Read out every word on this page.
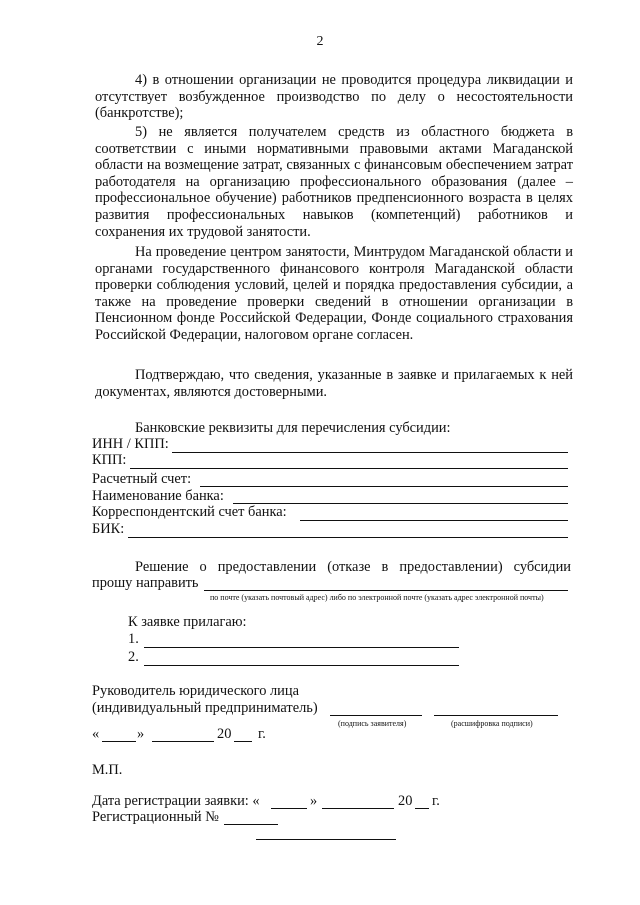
2
4) в отношении организации не проводится процедура ликвидации и отсутствует возбужденное производство по делу о несостоятельности (банкротстве);
5) не является получателем средств из областного бюджета в соответствии с иными нормативными правовыми актами Магаданской области на возмещение затрат, связанных с финансовым обеспечением затрат работодателя на организацию профессионального образования (далее – профессиональное обучение) работников предпенсионного возраста в целях развития профессиональных навыков (компетенций) работников и сохранения их трудовой занятости.
На проведение центром занятости, Минтрудом Магаданской области и органами государственного финансового контроля Магаданской области проверки соблюдения условий, целей и порядка предоставления субсидии, а также на проведение проверки сведений в отношении организации в Пенсионном фонде Российской Федерации, Фонде социального страхования Российской Федерации, налоговом органе согласен.
Подтверждаю, что сведения, указанные в заявке и прилагаемых к ней документах, являются достоверными.
Банковские реквизиты для перечисления субсидии:
ИНН / КПП:
КПП:
Расчетный счет:
Наименование банка:
Корреспондентский счет банка:
БИК:
Решение о предоставлении (отказе в предоставлении) субсидии
прошу направить
по почте (указать почтовый адрес) либо по электронной почте (указать адрес электронной почты)
К заявке прилагаю:
1.
2.
Руководитель юридического лица
(индивидуальный предприниматель)
(подпись заявителя)	(расшифровка подписи)
«	»	20 г.
М.П.
Дата регистрации заявки: «	»	20 г.
Регистрационный №
